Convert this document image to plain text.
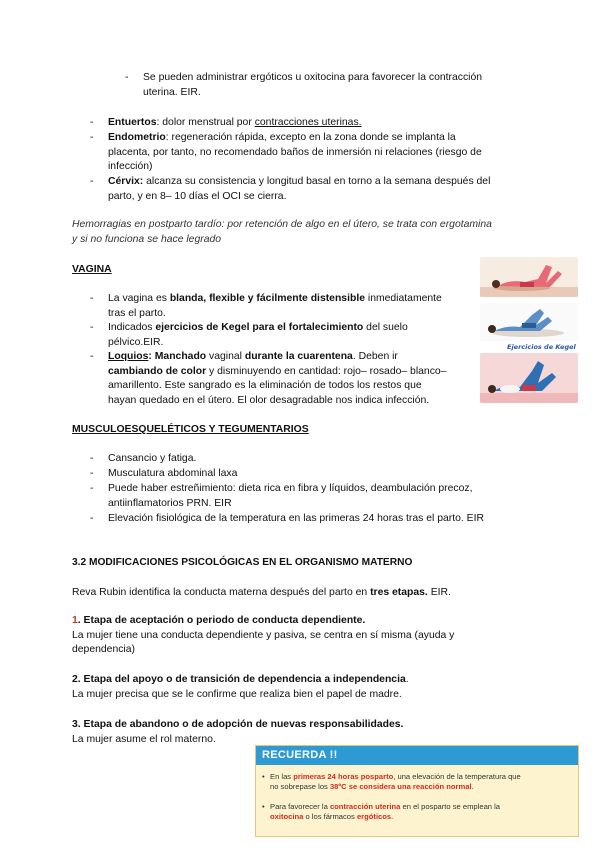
- Se pueden administrar ergóticos u oxitocina para favorecer la contracción
uterina. EIR.
- Entuertos: dolor menstrual por contracciones uterinas.
- Endometrio: regeneración rápida, excepto en la zona donde se implanta la
placenta, por tanto, no recomendado baños de inmersión ni relaciones (riesgo de
infección)
- Cérvix: alcanza su consistencia y longitud basal en torno a la semana después del
parto, y en 8– 10 días el OCI se cierra.
Hemorragias en postparto tardío: por retención de algo en el útero, se trata con ergotamina
y si no funciona se hace legrado
VAGINA
- La vagina es blanda, flexible y fácilmente distensible inmediatamente
tras el parto.
- Indicados ejercicios de Kegel para el fortalecimiento del suelo
pélvico.EIR.
- Loquios: Manchado vaginal durante la cuarentena. Deben ir
cambiando de color y disminuyendo en cantidad: rojo– rosado– blanco–
amarillento. Este sangrado es la eliminación de todos los restos que
hayan quedado en el útero. El olor desagradable nos indica infección.
Ejercicios de Kegel
MUSCULOESQUELÉTICOS Y TEGUMENTARIOS
- Cansancio y fatiga.
- Musculatura abdominal laxa
- Puede haber estreñimiento: dieta rica en fibra y líquidos, deambulación precoz,
antiinflamatorios PRN. EIR
- Elevación fisiológica de la temperatura en las primeras 24 horas tras el parto. EIR
3.2 MODIFICACIONES PSICOLÓGICAS EN EL ORGANISMO MATERNO
Reva Rubin identifica la conducta materna después del parto en tres etapas. EIR.
1. Etapa de aceptación o periodo de conducta dependiente.
La mujer tiene una conducta dependiente y pasiva, se centra en sí misma (ayuda y
dependencia)
2. Etapa del apoyo o de transición de dependencia a independencia.
La mujer precisa que se le confirme que realiza bien el papel de madre.
3. Etapa de abandono o de adopción de nuevas responsabilidades.
La mujer asume el rol materno.
RECUERDA !!
• En las primeras 24 horas posparto, una elevación de la temperatura que
no sobrepase los 38ºC se considera una reacción normal.
• Para favorecer la contracción uterina en el posparto se emplean la
oxitocina o los fármacos ergóticos.
